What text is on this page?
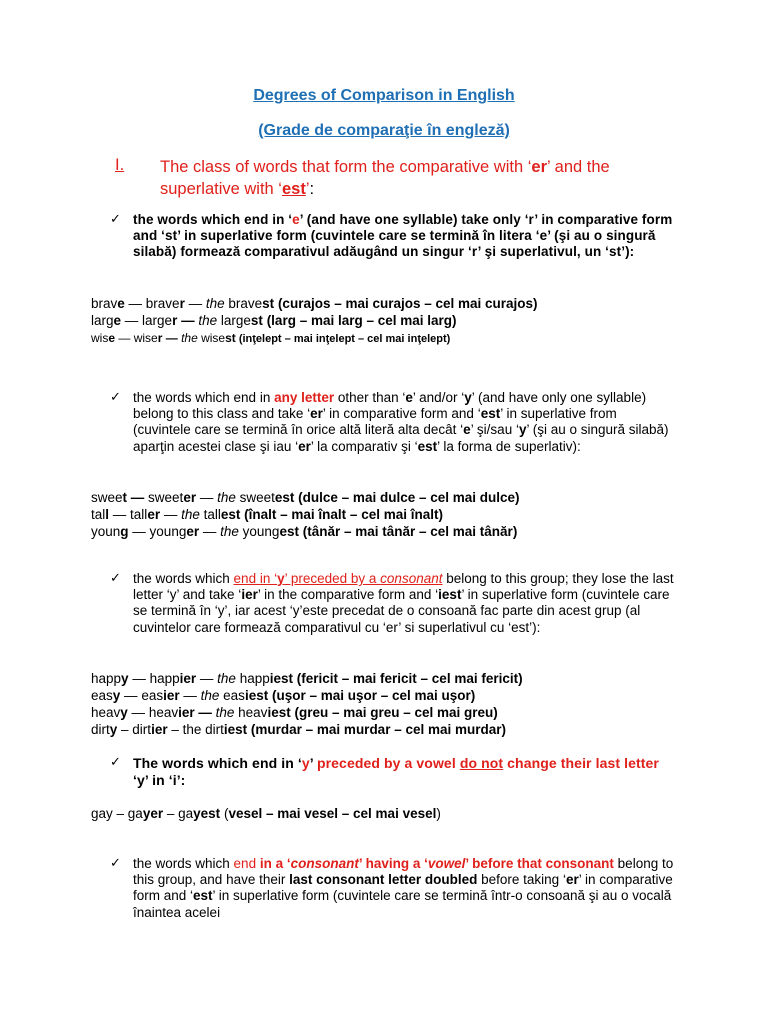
Degrees of Comparison in English
(Grade de comparaţie în engleză)
I. The class of words that form the comparative with ‘er’ and the superlative with ‘est’:
✓ the words which end in ‘e’ (and have one syllable) take only ‘r’ in comparative form and ‘st’ in superlative form (cuvintele care se termină în litera ‘e’ (şi au o singură silabă) formează comparativul adăugând un singur ‘r’ şi superlativul, un ‘st’):
brave — braver — the bravest (curajos – mai curajos – cel mai curajos)
large — larger — the largest (larg – mai larg – cel mai larg)
wise — wiser — the wisest (inţelept – mai inţelept – cel mai inţelept)
✓ the words which end in any letter other than ‘e’ and/or ‘y’ (and have only one syllable) belong to this class and take ‘er’ in comparative form and ‘est’ in superlative from (cuvintele care se termină în orice altă literă alta decât ‘e’ şi/sau ‘y’ (şi au o singură silabă) aparţin acestei clase şi iau ‘er’ la comparativ şi ‘est’ la forma de superlativ):
sweet — sweeter — the sweetest (dulce – mai dulce – cel mai dulce)
tall — taller — the tallest (înalt – mai înalt – cel mai înalt)
young — younger — the youngest (tânăr – mai tânăr – cel mai tânăr)
✓ the words which end in ‘y’ preceded by a consonant belong to this group; they lose the last letter ‘y’ and take ‘ier’ in the comparative form and ‘iest’ in superlative form (cuvintele care se termină în ‘y’, iar acest ‘y’este precedat de o consoană fac parte din acest grup (al cuvintelor care formează comparativul cu ‘er’ si superlativul cu ‘est’):
happy — happier — the happiest (fericit – mai fericit – cel mai fericit)
easy — easier — the easiest (uşor – mai uşor – cel mai uşor)
heavy — heavier — the heaviest (greu – mai greu – cel mai greu)
dirty – dirtier – the dirtiest (murdar – mai murdar – cel mai murdar)
✓ The words which end in ‘y’ preceded by a vowel do not change their last letter ‘y’ in ‘i’:
gay – gayer – gayest (vesel – mai vesel – cel mai vesel)
✓ the words which end in a ‘consonant’ having a ‘vowel’ before that consonant belong to this group, and have their last consonant letter doubled before taking ‘er’ in comparative form and ‘est’ in superlative form (cuvintele care se termină într-o consoană şi au o vocală înaintea acelei
